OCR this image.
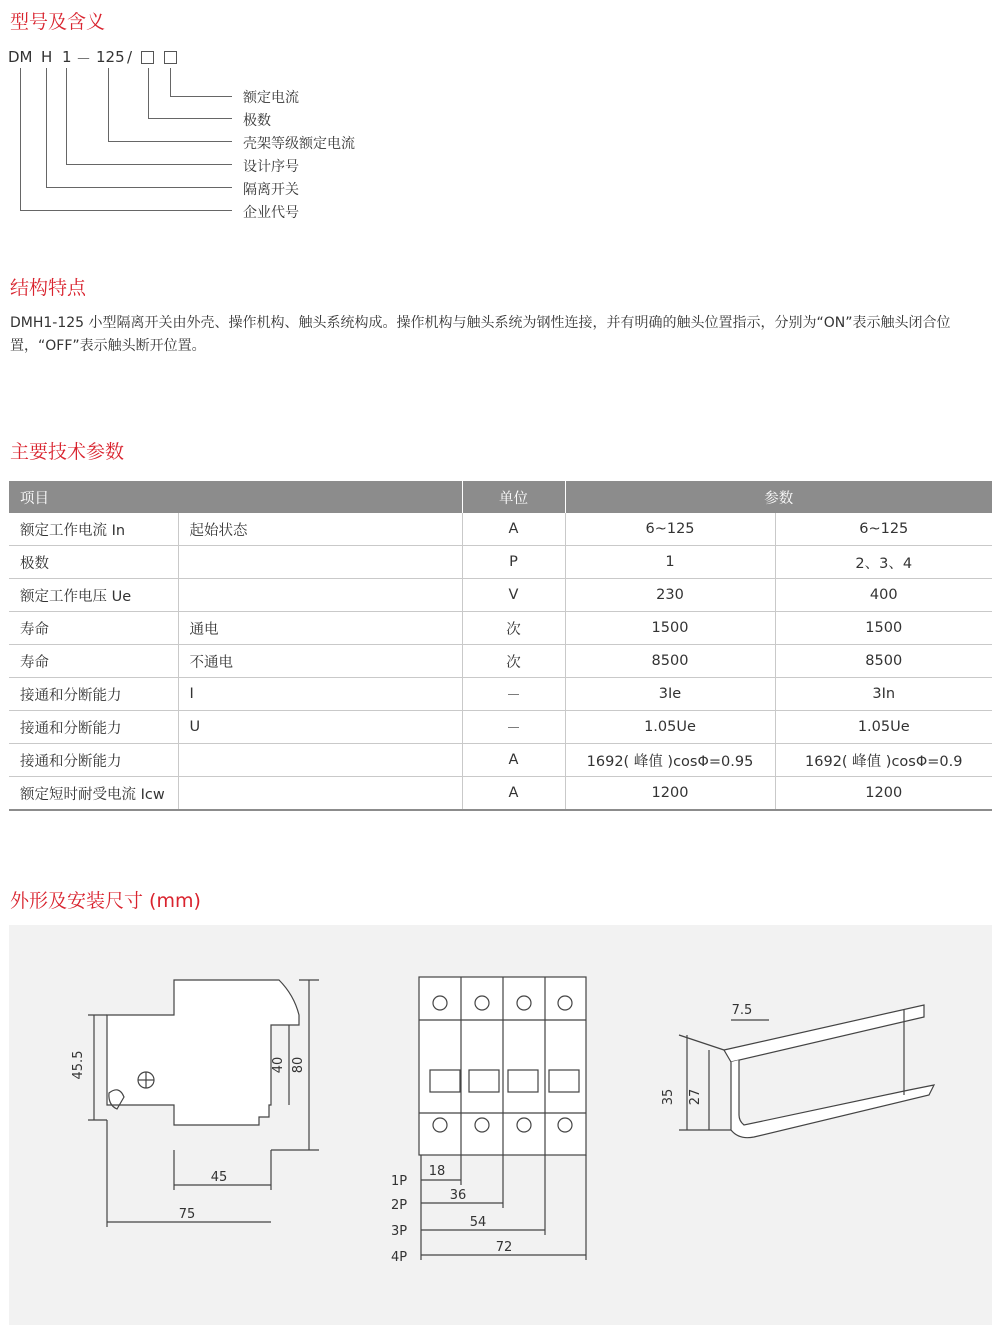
型号及含义
DM H 1 － 125 /
额定电流
极数
壳架等级额定电流
设计序号
隔离开关
企业代号
结构特点
DMH1-125 小型隔离开关由外壳、操作机构、触头系统构成。操作机构与触头系统为钢性连接，并有明确的触头位置指示，分别为“ON”表示触头闭合位置，“OFF”表示触头断开位置。
主要技术参数
项目		单位	参数	
额定工作电流 In	起始状态	A	6~125	6~125
极数		P	1	2、3、4
额定工作电压 Ue		V	230	400
寿命	通电	次	1500	1500
寿命	不通电	次	8500	8500
接通和分断能力	I	－	3Ie	3In
接通和分断能力	U	－	1.05Ue	1.05Ue
接通和分断能力		A	1692( 峰值 )cosΦ=0.95	1692( 峰值 )cosΦ=0.9
额定短时耐受电流 Icw		A	1200	1200
外形及安装尺寸 (mm)
45.5	40 80
45
75
1P
2P
3P
4P
18
36
54
72
7.5
35 27
